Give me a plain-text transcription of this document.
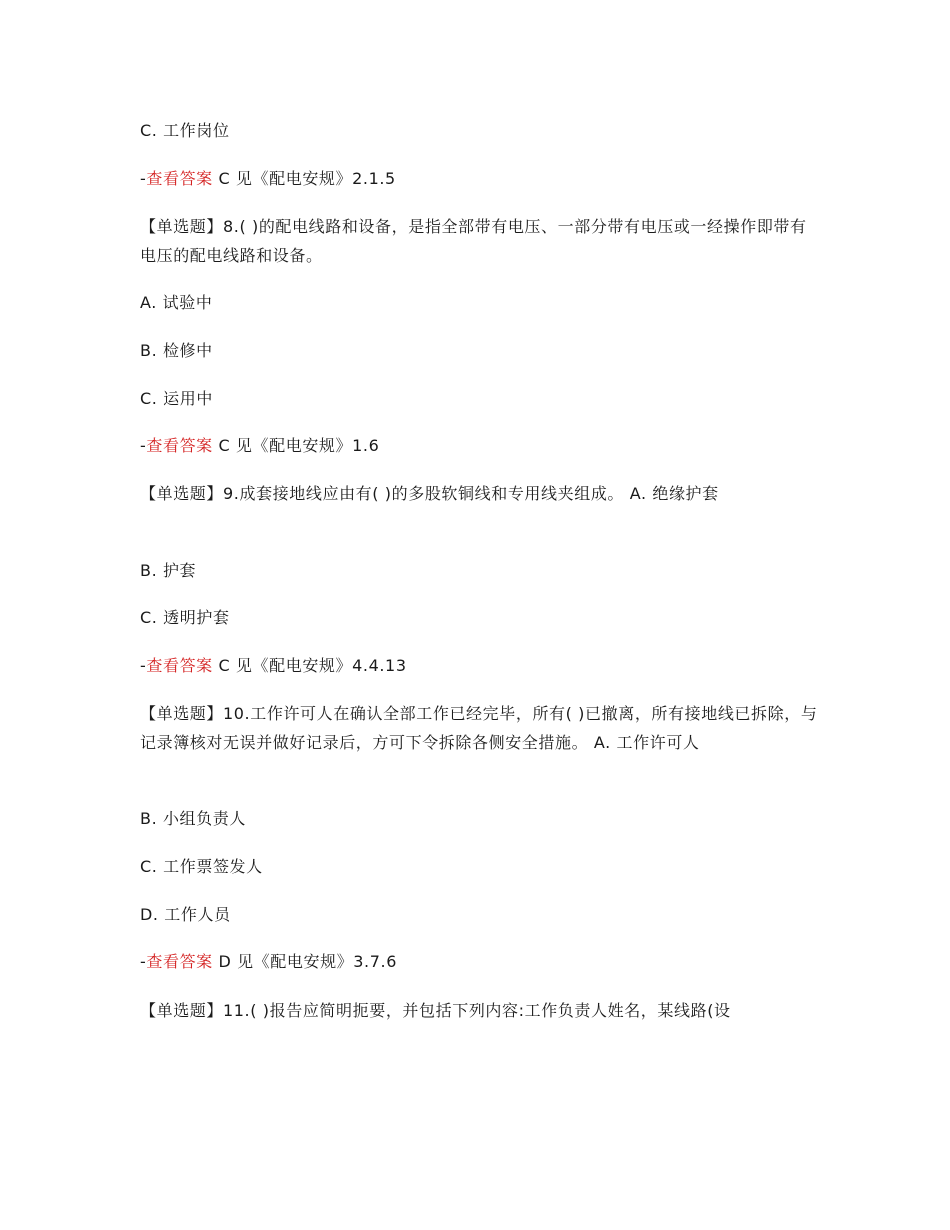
C. 工作岗位
-查看答案 C 见《配电安规》2.1.5
【单选题】8.( )的配电线路和设备，是指全部带有电压、一部分带有电压或一经操作即带有电压的配电线路和设备。
A. 试验中
B. 检修中
C. 运用中
-查看答案 C 见《配电安规》1.6
【单选题】9.成套接地线应由有( )的多股软铜线和专用线夹组成。 A. 绝缘护套
B. 护套
C. 透明护套
-查看答案 C 见《配电安规》4.4.13
【单选题】10.工作许可人在确认全部工作已经完毕，所有( )已撤离，所有接地线已拆除，与记录簿核对无误并做好记录后，方可下令拆除各侧安全措施。 A. 工作许可人
B. 小组负责人
C. 工作票签发人
D. 工作人员
-查看答案 D 见《配电安规》3.7.6
【单选题】11.( )报告应简明扼要，并包括下列内容:工作负责人姓名，某线路(设
